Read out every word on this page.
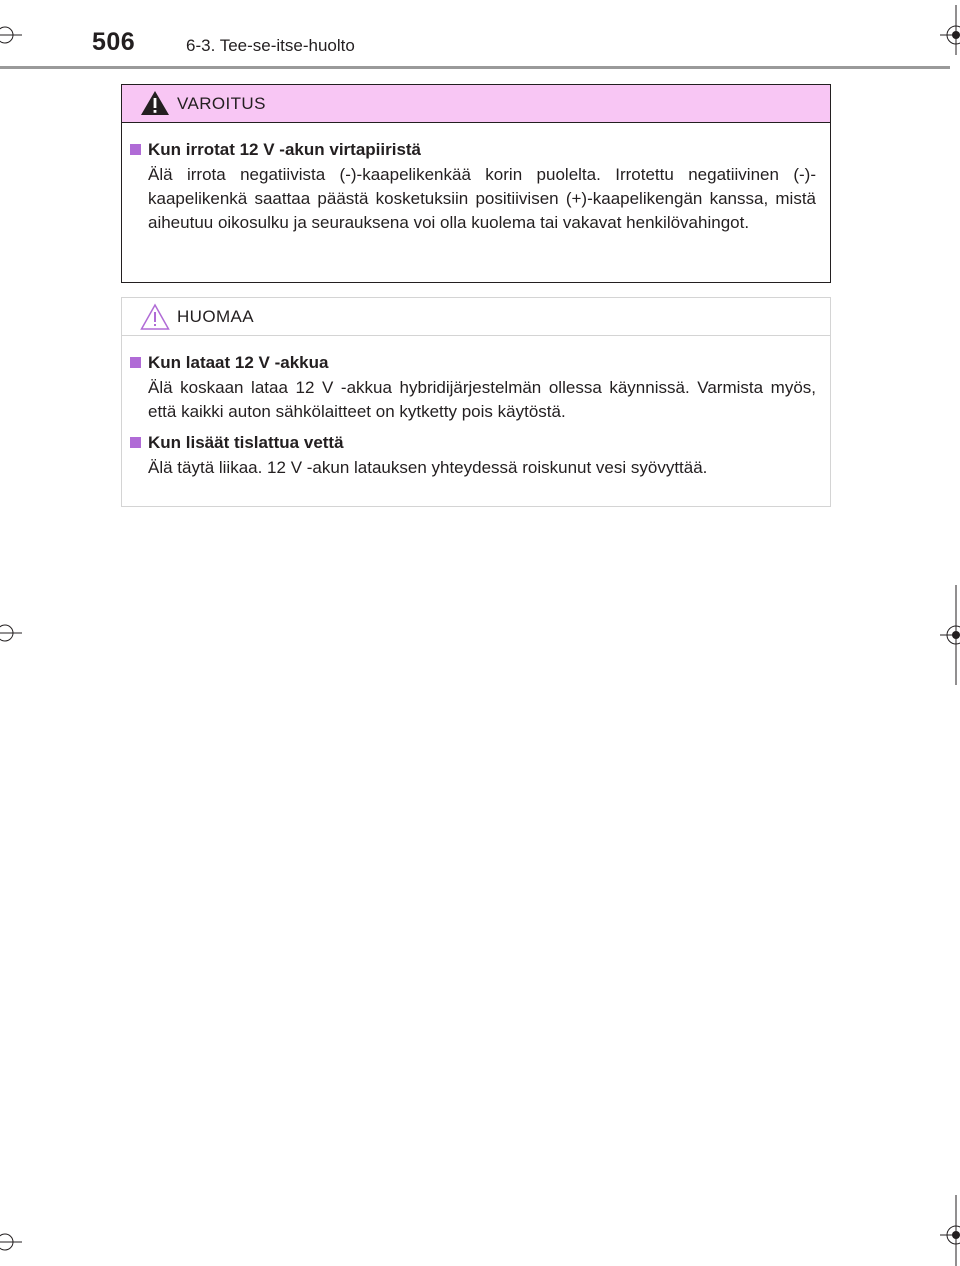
506	6-3. Tee-se-itse-huolto
VAROITUS
Kun irrotat 12 V -akun virtapiiristä
Älä irrota negatiivista (-)-kaapelikenkää korin puolelta. Irrotettu negatiivinen (-)-kaapelikenkä saattaa päästä kosketuksiin positiivisen (+)-kaapelikengän kanssa, mistä aiheutuu oikosulku ja seurauksena voi olla kuolema tai vakavat henkilövahingot.
HUOMAA
Kun lataat 12 V -akkua
Älä koskaan lataa 12 V -akkua hybridijärjestelmän ollessa käynnissä. Varmista myös, että kaikki auton sähkölaitteet on kytketty pois käytöstä.
Kun lisäät tislattua vettä
Älä täytä liikaa. 12 V -akun latauksen yhteydessä roiskunut vesi syövyttää.
